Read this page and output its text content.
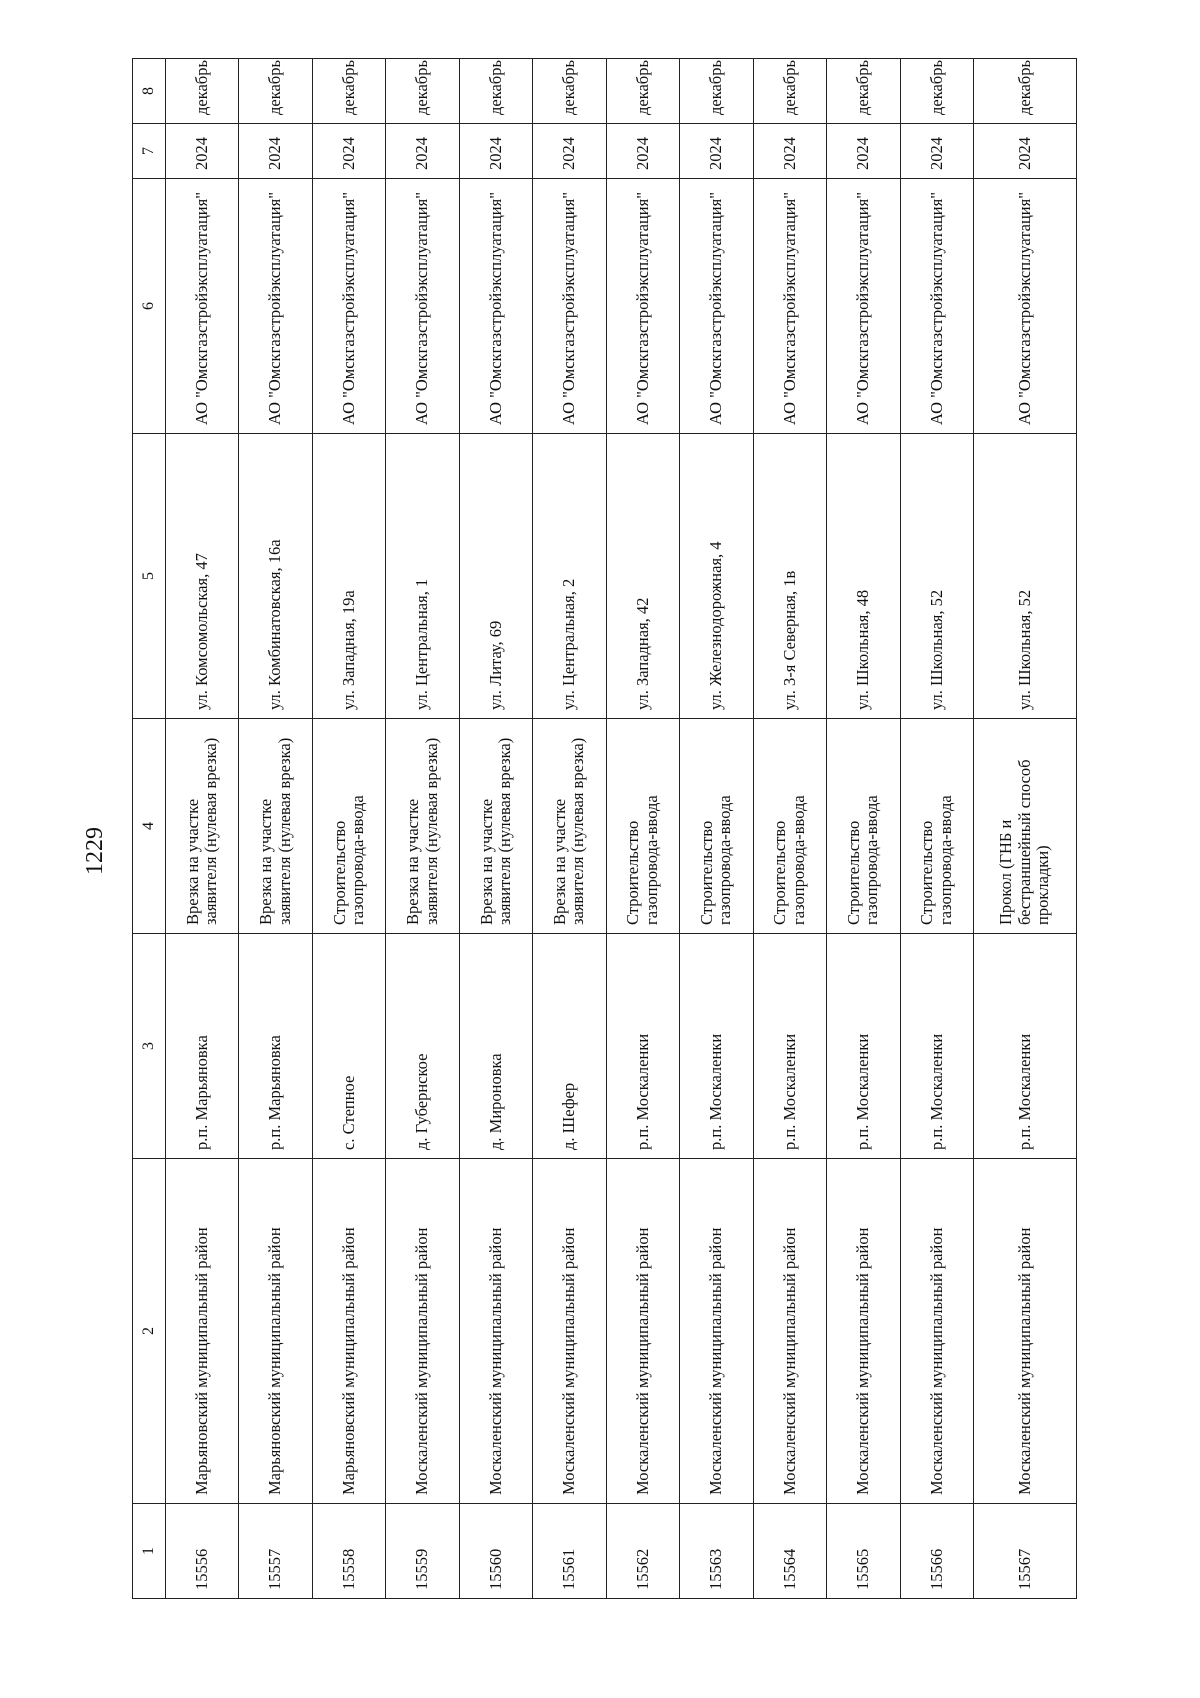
1229
1	2	3	4	5	6	7	8
15556	Марьяновский муниципальный район	р.п. Марьяновка	Врезка на участке заявителя (нулевая врезка)	ул. Комсомольская, 47	АО "Омскгазстройэксплуатация"	2024	декабрь
15557	Марьяновский муниципальный район	р.п. Марьяновка	Врезка на участке заявителя (нулевая врезка)	ул. Комбинатовская, 16а	АО "Омскгазстройэксплуатация"	2024	декабрь
15558	Марьяновский муниципальный район	с. Степное	Строительство газопровода-ввода	ул. Западная, 19а	АО "Омскгазстройэксплуатация"	2024	декабрь
15559	Москаленский муниципальный район	д. Губернское	Врезка на участке заявителя (нулевая врезка)	ул. Центральная, 1	АО "Омскгазстройэксплуатация"	2024	декабрь
15560	Москаленский муниципальный район	д. Мироновка	Врезка на участке заявителя (нулевая врезка)	ул. Литау, 69	АО "Омскгазстройэксплуатация"	2024	декабрь
15561	Москаленский муниципальный район	д. Шефер	Врезка на участке заявителя (нулевая врезка)	ул. Центральная, 2	АО "Омскгазстройэксплуатация"	2024	декабрь
15562	Москаленский муниципальный район	р.п. Москаленки	Строительство газопровода-ввода	ул. Западная, 42	АО "Омскгазстройэксплуатация"	2024	декабрь
15563	Москаленский муниципальный район	р.п. Москаленки	Строительство газопровода-ввода	ул. Железнодорожная, 4	АО "Омскгазстройэксплуатация"	2024	декабрь
15564	Москаленский муниципальный район	р.п. Москаленки	Строительство газопровода-ввода	ул. 3-я Северная, 1в	АО "Омскгазстройэксплуатация"	2024	декабрь
15565	Москаленский муниципальный район	р.п. Москаленки	Строительство газопровода-ввода	ул. Школьная, 48	АО "Омскгазстройэксплуатация"	2024	декабрь
15566	Москаленский муниципальный район	р.п. Москаленки	Строительство газопровода-ввода	ул. Школьная, 52	АО "Омскгазстройэксплуатация"	2024	декабрь
15567	Москаленский муниципальный район	р.п. Москаленки	Прокол (ГНБ и бестраншейный способ прокладки)	ул. Школьная, 52	АО "Омскгазстройэксплуатация"	2024	декабрь
